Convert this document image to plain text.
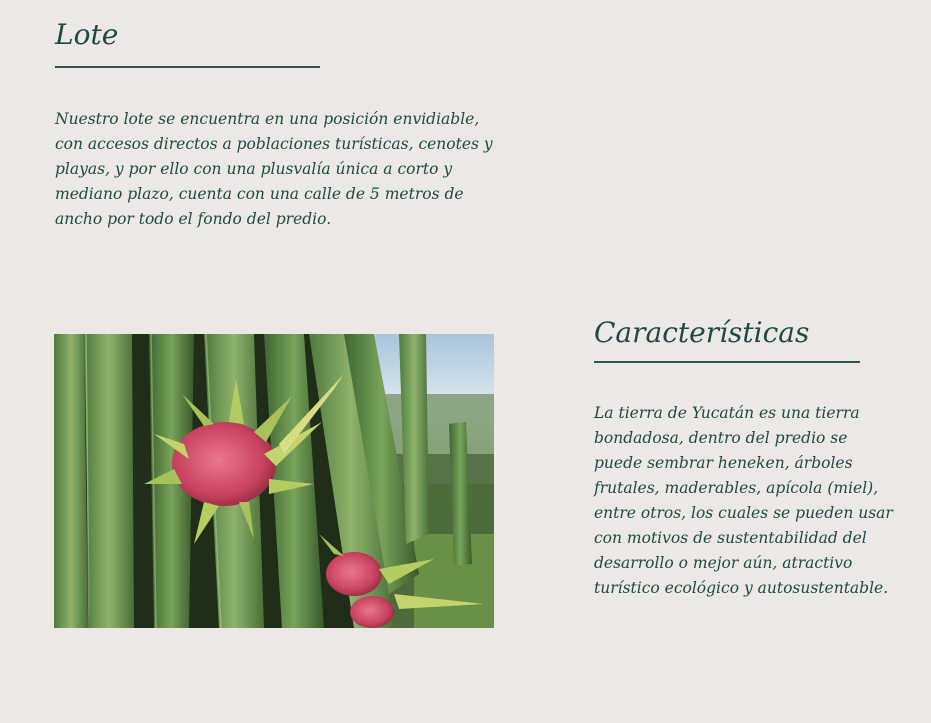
Lote

Nuestro lote se encuentra en una posición envidiable, con accesos directos a poblaciones turísticas, cenotes y playas, y por ello con una plusvalía única a corto y mediano plazo, cuenta con una calle de 5 metros de ancho por todo el fondo del predio.

Características

La tierra de Yucatán es una tierra bondadosa, dentro del predio se puede sembrar heneken, árboles frutales, maderables, apícola (miel), entre otros, los cuales se pueden usar con motivos de sustentabilidad del desarrollo o mejor aún, atractivo turístico ecológico y autosustentable.
